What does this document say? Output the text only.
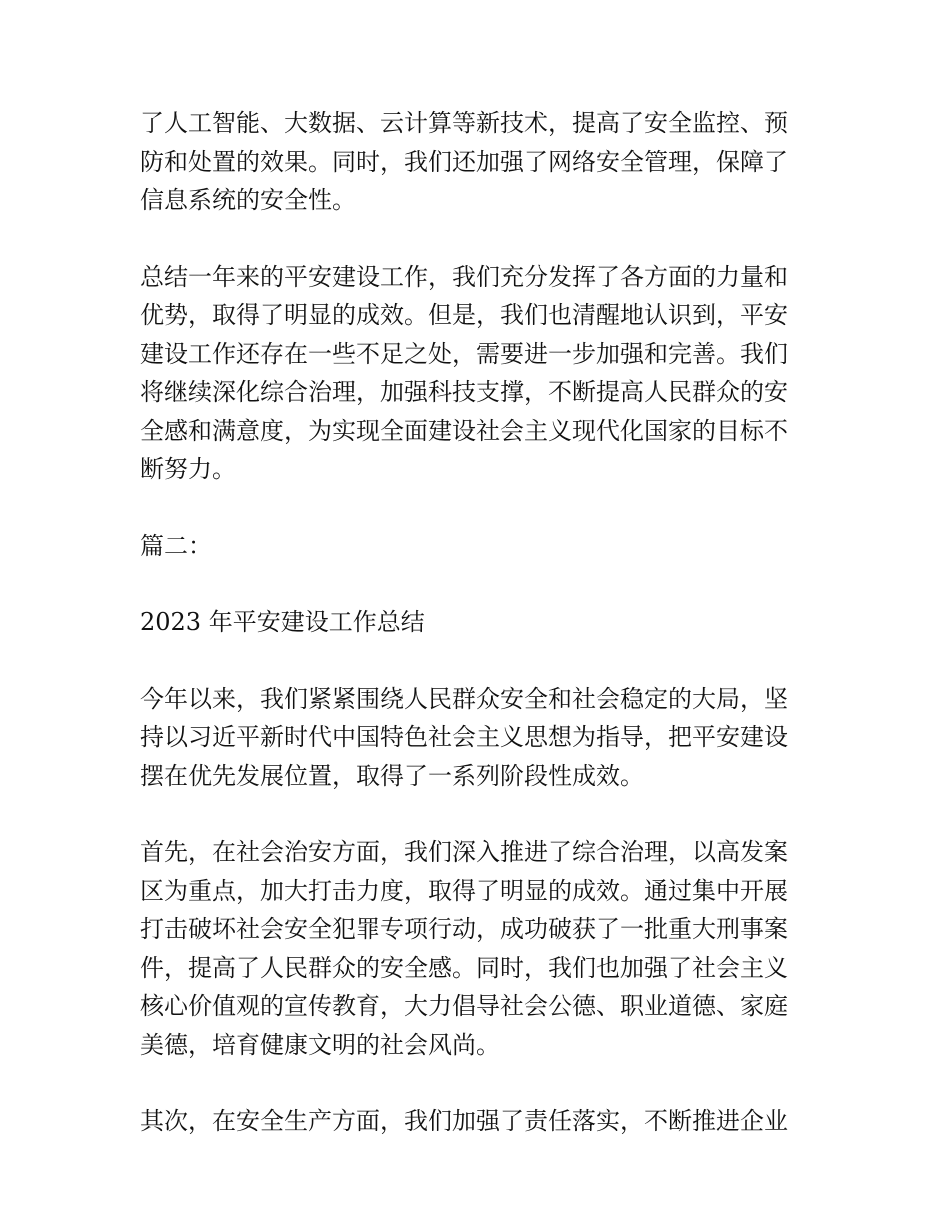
了人工智能、大数据、云计算等新技术，提高了安全监控、预
防和处置的效果。同时，我们还加强了网络安全管理，保障了
信息系统的安全性。

总结一年来的平安建设工作，我们充分发挥了各方面的力量和
优势，取得了明显的成效。但是，我们也清醒地认识到，平安
建设工作还存在一些不足之处，需要进一步加强和完善。我们
将继续深化综合治理，加强科技支撑，不断提高人民群众的安
全感和满意度，为实现全面建设社会主义现代化国家的目标不
断努力。

篇二：

2023 年平安建设工作总结

今年以来，我们紧紧围绕人民群众安全和社会稳定的大局，坚
持以习近平新时代中国特色社会主义思想为指导，把平安建设
摆在优先发展位置，取得了一系列阶段性成效。

首先，在社会治安方面，我们深入推进了综合治理，以高发案
区为重点，加大打击力度，取得了明显的成效。通过集中开展
打击破坏社会安全犯罪专项行动，成功破获了一批重大刑事案
件，提高了人民群众的安全感。同时，我们也加强了社会主义
核心价值观的宣传教育，大力倡导社会公德、职业道德、家庭
美德，培育健康文明的社会风尚。

其次，在安全生产方面，我们加强了责任落实，不断推进企业
